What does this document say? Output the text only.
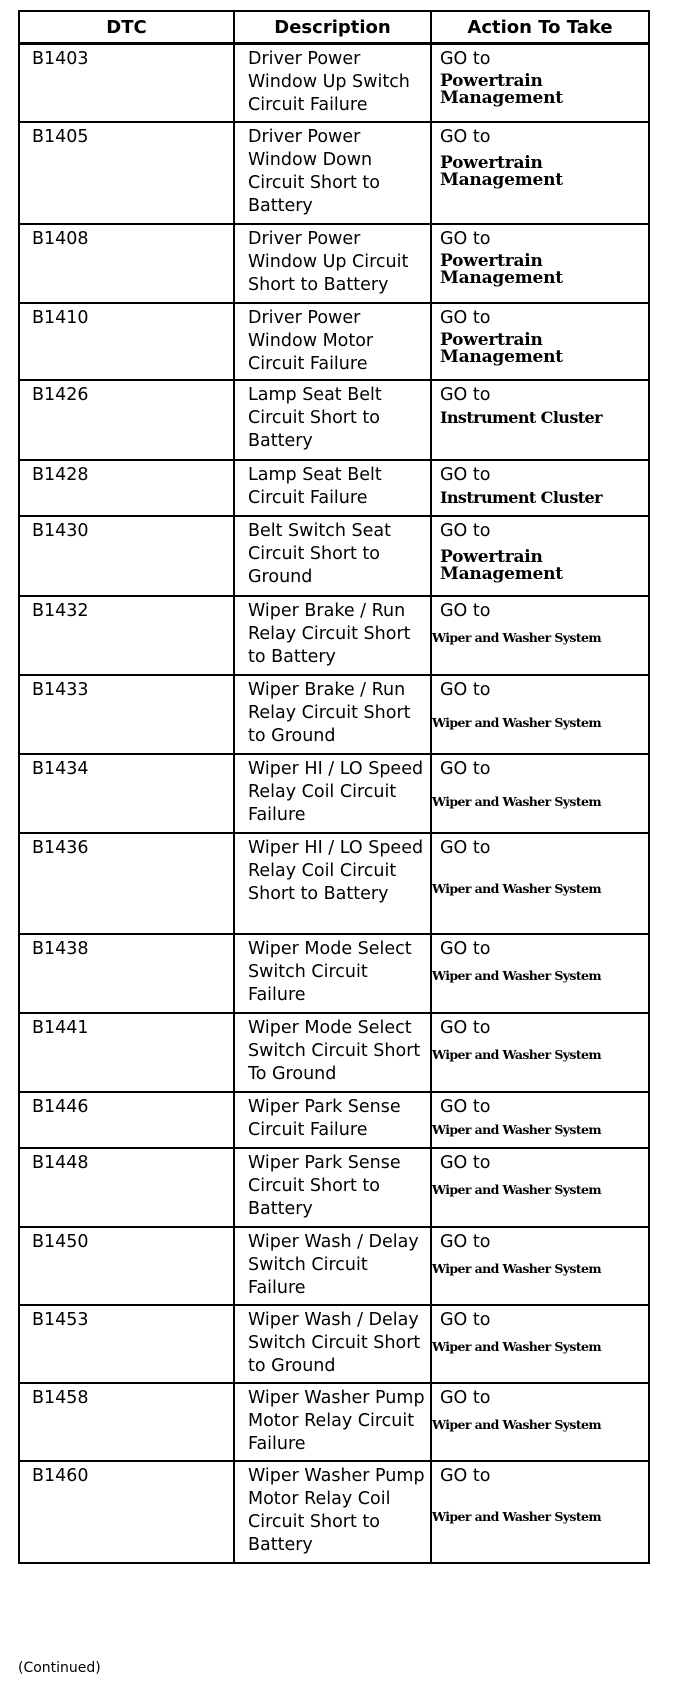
DTC	Description	Action To Take
B1403	Driver Power Window Up Switch Circuit Failure	GO to
Powertrain Management

B1405	Driver Power Window Down Circuit Short to Battery	GO to
Powertrain Management

B1408	Driver Power Window Up Circuit Short to Battery	GO to
Powertrain Management

B1410	Driver Power Window Motor Circuit Failure	GO to
Powertrain Management

B1426	Lamp Seat Belt Circuit Short to Battery	GO to
Instrument Cluster

B1428	Lamp Seat Belt Circuit Failure	GO to
Instrument Cluster

B1430	Belt Switch Seat Circuit Short to Ground	GO to
Powertrain Management

B1432	Wiper Brake / Run Relay Circuit Short to Battery	GO to
Wiper and Washer System

B1433	Wiper Brake / Run Relay Circuit Short to Ground	GO to
Wiper and Washer System

B1434	Wiper HI / LO Speed Relay Coil Circuit Failure	GO to
Wiper and Washer System

B1436	Wiper HI / LO Speed Relay Coil Circuit Short to Battery	GO to
Wiper and Washer System

B1438	Wiper Mode Select Switch Circuit Failure	GO to
Wiper and Washer System

B1441	Wiper Mode Select Switch Circuit Short To Ground	GO to
Wiper and Washer System

B1446	Wiper Park Sense Circuit Failure	GO to
Wiper and Washer System

B1448	Wiper Park Sense Circuit Short to Battery	GO to
Wiper and Washer System

B1450	Wiper Wash / Delay Switch Circuit Failure	GO to
Wiper and Washer System

B1453	Wiper Wash / Delay Switch Circuit Short to Ground	GO to
Wiper and Washer System

B1458	Wiper Washer Pump Motor Relay Circuit Failure	GO to
Wiper and Washer System

B1460	Wiper Washer Pump Motor Relay Coil Circuit Short to Battery	GO to
Wiper and Washer System
(Continued)
